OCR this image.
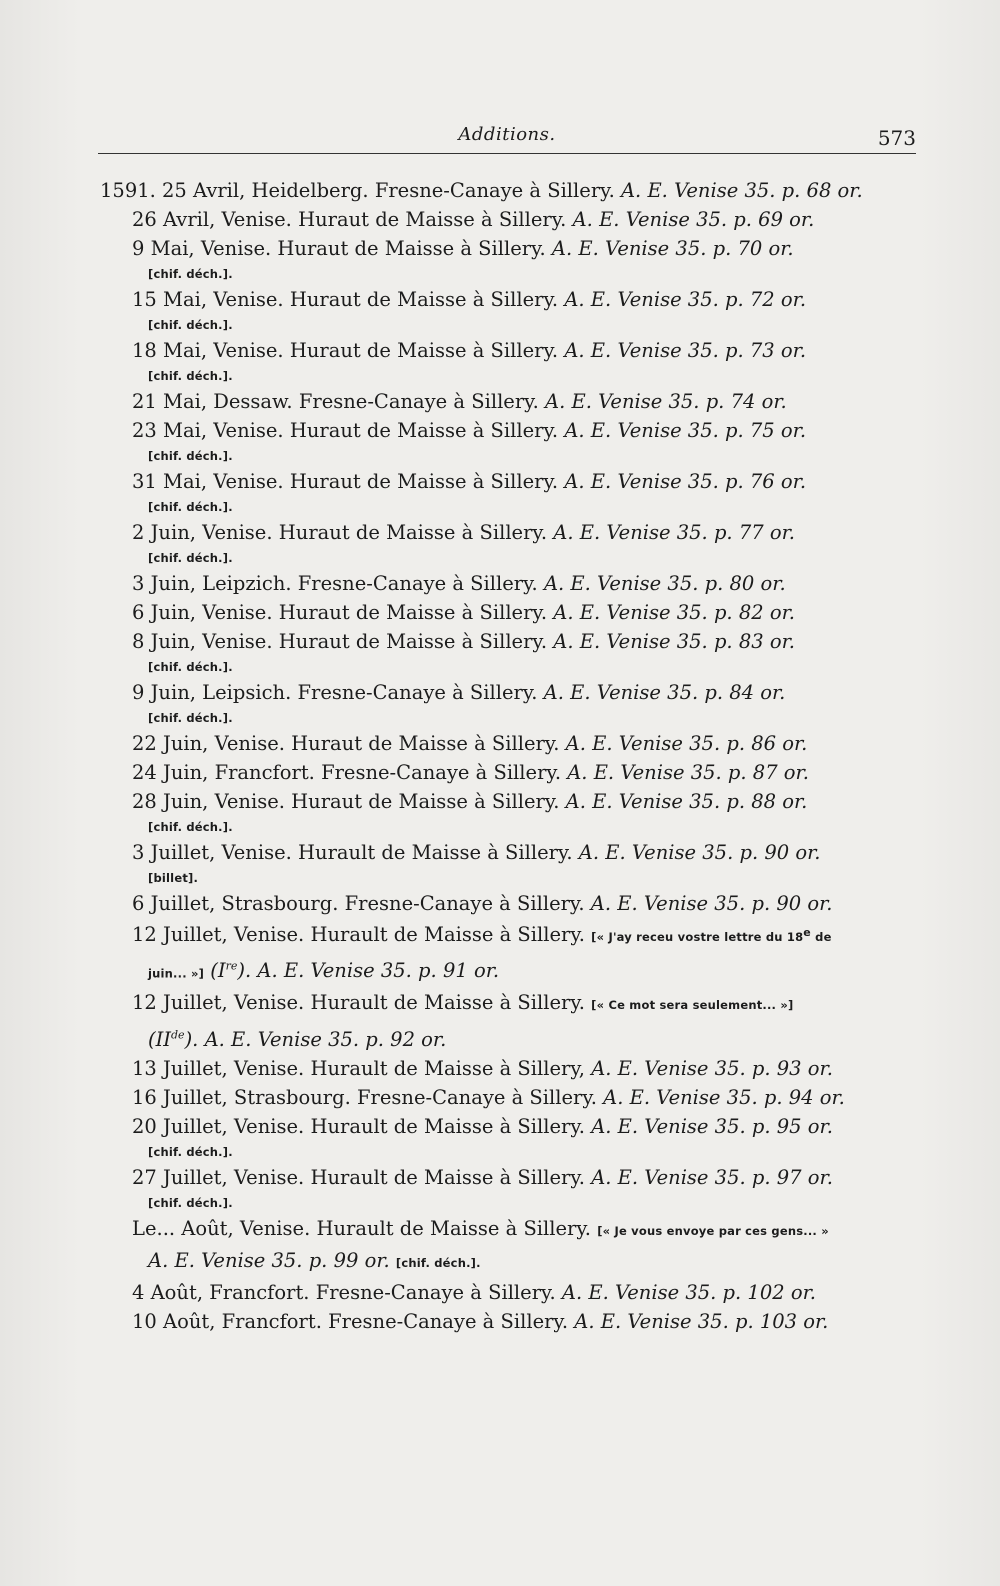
Additions.	573
1591. 25 Avril, Heidelberg. Fresne-Canaye à Sillery. A. E. Venise 35. p. 68 or.
26 Avril, Venise. Huraut de Maisse à Sillery. A. E. Venise 35. p. 69 or.
9 Mai, Venise. Huraut de Maisse à Sillery. A. E. Venise 35. p. 70 or.
[chif. déch.].
15 Mai, Venise. Huraut de Maisse à Sillery. A. E. Venise 35. p. 72 or.
[chif. déch.].
18 Mai, Venise. Huraut de Maisse à Sillery. A. E. Venise 35. p. 73 or.
[chif. déch.].
21 Mai, Dessaw. Fresne-Canaye à Sillery. A. E. Venise 35. p. 74 or.
23 Mai, Venise. Huraut de Maisse à Sillery. A. E. Venise 35. p. 75 or.
[chif. déch.].
31 Mai, Venise. Huraut de Maisse à Sillery. A. E. Venise 35. p. 76 or.
[chif. déch.].
2 Juin, Venise. Huraut de Maisse à Sillery. A. E. Venise 35. p. 77 or.
[chif. déch.].
3 Juin, Leipzich. Fresne-Canaye à Sillery. A. E. Venise 35. p. 80 or.
6 Juin, Venise. Huraut de Maisse à Sillery. A. E. Venise 35. p. 82 or.
8 Juin, Venise. Huraut de Maisse à Sillery. A. E. Venise 35. p. 83 or.
[chif. déch.].
9 Juin, Leipsich. Fresne-Canaye à Sillery. A. E. Venise 35. p. 84 or.
[chif. déch.].
22 Juin, Venise. Huraut de Maisse à Sillery. A. E. Venise 35. p. 86 or.
24 Juin, Francfort. Fresne-Canaye à Sillery. A. E. Venise 35. p. 87 or.
28 Juin, Venise. Huraut de Maisse à Sillery. A. E. Venise 35. p. 88 or.
[chif. déch.].
3 Juillet, Venise. Hurault de Maisse à Sillery. A. E. Venise 35. p. 90 or.
[billet].
6 Juillet, Strasbourg. Fresne-Canaye à Sillery. A. E. Venise 35. p. 90 or.
12 Juillet, Venise. Hurault de Maisse à Sillery. [« J'ay receu vostre lettre du 18e de
juin... »] (Ire). A. E. Venise 35. p. 91 or.
12 Juillet, Venise. Hurault de Maisse à Sillery. [« Ce mot sera seulement... »]
(IIde). A. E. Venise 35. p. 92 or.
13 Juillet, Venise. Hurault de Maisse à Sillery, A. E. Venise 35. p. 93 or.
16 Juillet, Strasbourg. Fresne-Canaye à Sillery. A. E. Venise 35. p. 94 or.
20 Juillet, Venise. Hurault de Maisse à Sillery. A. E. Venise 35. p. 95 or.
[chif. déch.].
27 Juillet, Venise. Hurault de Maisse à Sillery. A. E. Venise 35. p. 97 or.
[chif. déch.].
Le... Août, Venise. Hurault de Maisse à Sillery. [« Je vous envoye par ces gens... »
A. E. Venise 35. p. 99 or. [chif. déch.].
4 Août, Francfort. Fresne-Canaye à Sillery. A. E. Venise 35. p. 102 or.
10 Août, Francfort. Fresne-Canaye à Sillery. A. E. Venise 35. p. 103 or.
